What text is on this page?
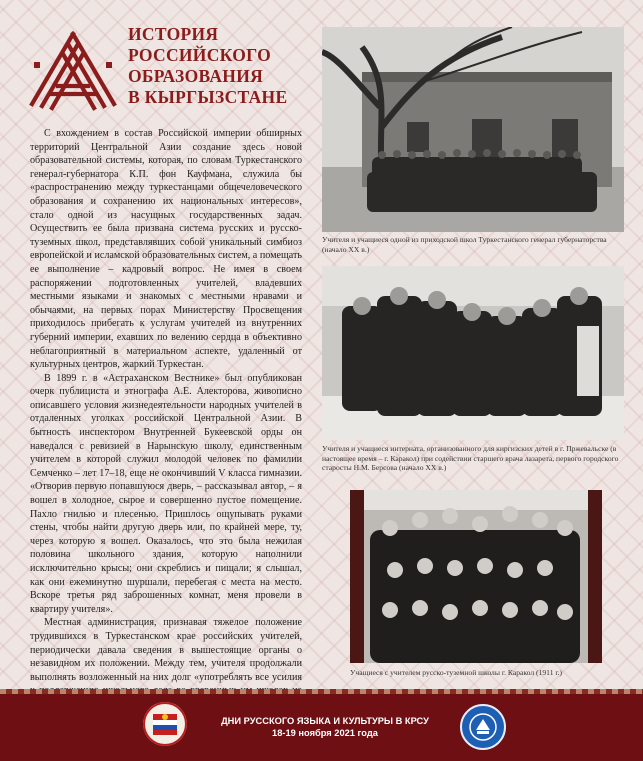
ИСТОРИЯ
РОССИЙСКОГО
ОБРАЗОВАНИЯ
В КЫРГЫЗСТАНЕ

С вхождением в состав Российской империи обширных территорий Центральной Азии создание здесь новой образовательной системы, которая, по словам Туркестанского генерал-губернатора К.П. фон Кауфмана, служила бы «распространению между туркестанцами общечеловеческого образования и сохранению их национальных интересов», стало одной из насущных государственных задач. Осуществить ее была призвана система русских и русско-туземных школ, представлявших собой уникальный симбиоз европейской и исламской образовательных систем, а помещать ее выполнение – кадровый вопрос. Не имея в своем распоряжении подготовленных учителей, владевших местными языками и знакомых с местными нравами и обычаями, на первых порах Министерству Просвещения приходилось прибегать к услугам учителей из внутренних губерний империи, ехавших по велению сердца в объективно неблагоприятный в материальном аспекте, удаленный от культурных центров, жаркий Туркестан.

В 1899 г. в «Астраханском Вестнике» был опубликован очерк публициста и этнографа А.Е. Алекторова, живописно описавшего условия жизнедеятельности народных учителей в отдаленных уголках российской Центральной Азии. В бытность инспектором Внутренней Букеевской орды он наведался с ревизией в Нарынскую школу, единственным учителем в которой служил молодой человек по фамилии Семченко – лет 17–18, еще не окончивший V класса гимназии. «Отворив первую попавшуюся дверь, – рассказывал автор, – я вошел в холодное, сырое и совершенно пустое помещение. Пахло гнилью и плесенью. Пришлось ощупывать руками стены, чтобы найти другую дверь или, по крайней мере, ту, через которую я вошел. Оказалось, что это была нежилая половина школьного здания, которую наполнили исключительно крысы; они скреблись и пищали; я слышал, как они ежеминутно шуршали, перебегая с места на место. Вскоре третья ряд заброшенных комнат, меня провели в квартиру учителя».

Местная администрация, признавая тяжелое положение трудившихся в Туркестанском крае российских учителей, периодически давала сведения в вышестоящие органы о незавидном их положении. Между тем, учителя продолжали выполнять возложенный на них долг «употреблять все усилия

Учителя и учащиеся одной из приходской школ Туркестанского генерал губернаторства (начало XX в.)
Учителя и учащиеся интерната, организованного для киргизских детей в г. Пржевальске (в настоящее время – г. Каракол) при содействии старшего врача лазарета, первого городского старосты Н.М. Берсова (начало XX в.)
Учащиеся с учителем русско-туземной школы г. Каракол (1911 г.)
ДНИ РУССКОГО ЯЗЫКА И КУЛЬТУРЫ В КРСУ
18-19 ноября 2021 года
